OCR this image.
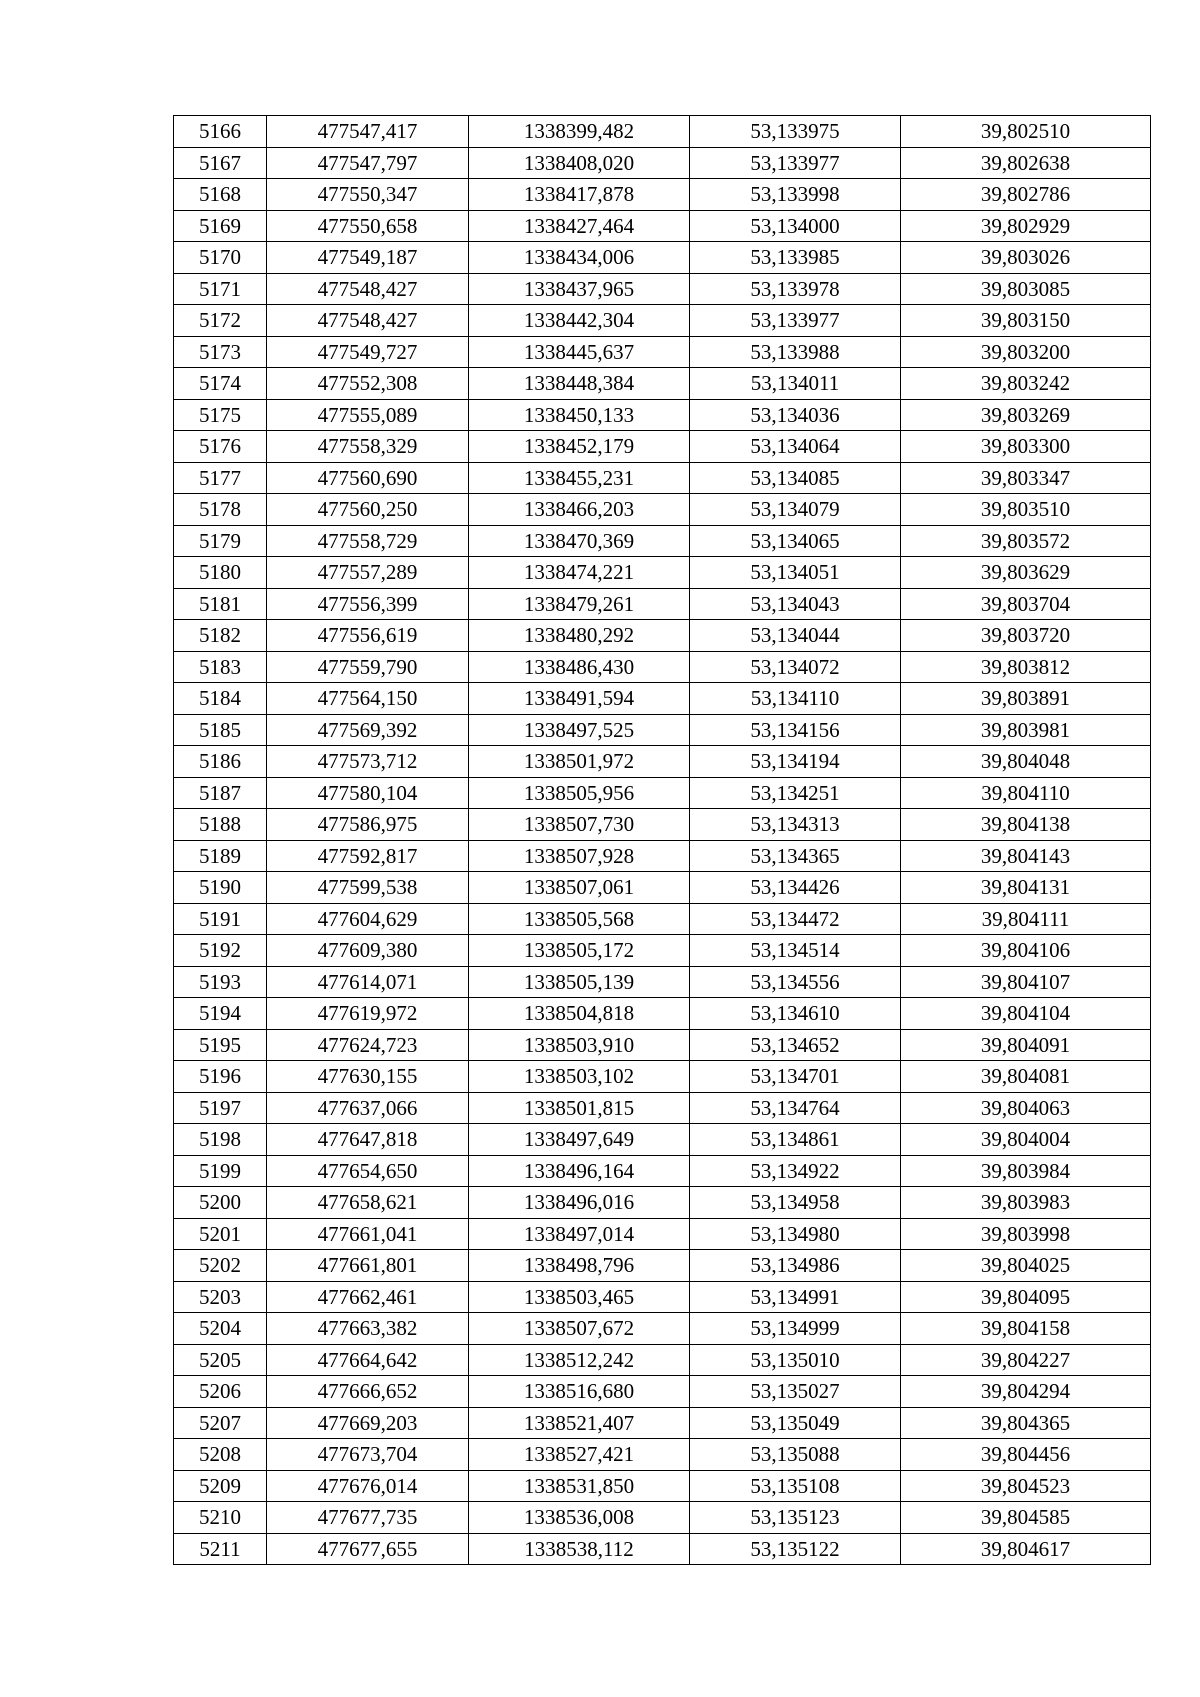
5166	477547,417	1338399,482	53,133975	39,802510
5167	477547,797	1338408,020	53,133977	39,802638
5168	477550,347	1338417,878	53,133998	39,802786
5169	477550,658	1338427,464	53,134000	39,802929
5170	477549,187	1338434,006	53,133985	39,803026
5171	477548,427	1338437,965	53,133978	39,803085
5172	477548,427	1338442,304	53,133977	39,803150
5173	477549,727	1338445,637	53,133988	39,803200
5174	477552,308	1338448,384	53,134011	39,803242
5175	477555,089	1338450,133	53,134036	39,803269
5176	477558,329	1338452,179	53,134064	39,803300
5177	477560,690	1338455,231	53,134085	39,803347
5178	477560,250	1338466,203	53,134079	39,803510
5179	477558,729	1338470,369	53,134065	39,803572
5180	477557,289	1338474,221	53,134051	39,803629
5181	477556,399	1338479,261	53,134043	39,803704
5182	477556,619	1338480,292	53,134044	39,803720
5183	477559,790	1338486,430	53,134072	39,803812
5184	477564,150	1338491,594	53,134110	39,803891
5185	477569,392	1338497,525	53,134156	39,803981
5186	477573,712	1338501,972	53,134194	39,804048
5187	477580,104	1338505,956	53,134251	39,804110
5188	477586,975	1338507,730	53,134313	39,804138
5189	477592,817	1338507,928	53,134365	39,804143
5190	477599,538	1338507,061	53,134426	39,804131
5191	477604,629	1338505,568	53,134472	39,804111
5192	477609,380	1338505,172	53,134514	39,804106
5193	477614,071	1338505,139	53,134556	39,804107
5194	477619,972	1338504,818	53,134610	39,804104
5195	477624,723	1338503,910	53,134652	39,804091
5196	477630,155	1338503,102	53,134701	39,804081
5197	477637,066	1338501,815	53,134764	39,804063
5198	477647,818	1338497,649	53,134861	39,804004
5199	477654,650	1338496,164	53,134922	39,803984
5200	477658,621	1338496,016	53,134958	39,803983
5201	477661,041	1338497,014	53,134980	39,803998
5202	477661,801	1338498,796	53,134986	39,804025
5203	477662,461	1338503,465	53,134991	39,804095
5204	477663,382	1338507,672	53,134999	39,804158
5205	477664,642	1338512,242	53,135010	39,804227
5206	477666,652	1338516,680	53,135027	39,804294
5207	477669,203	1338521,407	53,135049	39,804365
5208	477673,704	1338527,421	53,135088	39,804456
5209	477676,014	1338531,850	53,135108	39,804523
5210	477677,735	1338536,008	53,135123	39,804585
5211	477677,655	1338538,112	53,135122	39,804617
